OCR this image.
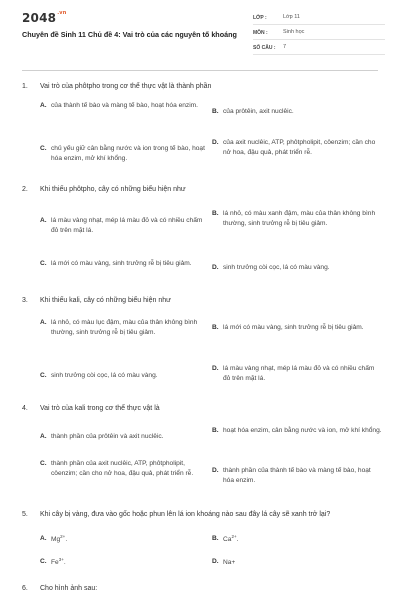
$2048^{.vn}$
Chuyên đề Sinh 11 Chủ đề 4: Vai trò của các nguyên tố khoáng
LỚP :	Lớp 11
MÔN :	Sinh học
SỐ CÂU :	7
1.	Vai trò của phôtpho trong cơ thể thực vật là thành phần
A. của thành tế bào và màng tế bào, hoạt hóa enzim.
B. của prôtêin, axit nuclêic.
C. chủ yếu giữ cân bằng nước và ion trong tế bào, hoạt hóa enzim, mở khí khổng.
D. của axit nuclêic, ATP, phôtpholipit, côenzim; cần cho nở hoa, đậu quả, phát triển rễ.
2.	Khi thiếu phôtpho, cây có những biểu hiện như
A. lá màu vàng nhạt, mép lá màu đỏ và có nhiều chấm đỏ trên mặt lá.
B. lá nhỏ, có màu xanh đậm, màu của thân không bình thường, sinh trưởng rễ bị tiêu giảm.
C. lá mới có màu vàng, sinh trưởng rễ bị tiêu giảm.
D. sinh trưởng còi cọc, lá có màu vàng.
3.	Khi thiếu kali, cây có những biểu hiện như
A. lá nhỏ, có màu lục đậm, màu của thân không bình thường, sinh trưởng rễ bị tiêu giảm.
B. lá mới có màu vàng, sinh trưởng rễ bị tiêu giảm.
C. sinh trưởng còi cọc, lá có màu vàng.
D. lá màu vàng nhạt, mép lá màu đỏ và có nhiều chấm đỏ trên mặt lá.
4.	Vai trò của kali trong cơ thể thực vật là
A. thành phần của prôtêin và axit nuclêic.
B. hoạt hóa enzim, cân bằng nước và ion, mở khí khổng.
C. thành phần của axit nuclêic, ATP, phôtpholipit, côenzim; cần cho nở hoa, đậu quả, phát triển rễ.	D. thành phần của thành tế bào và màng tế bào, hoạt hóa enzim.
5.	Khi cây bị vàng, đưa vào gốc hoặc phun lên lá ion khoáng nào sau đây lá cây sẽ xanh trở lại?
A. $Mg^{2+}$.	B. $Ca^{2+}$.
C. $Fe^{3+}$.	D. Na+
6.	Cho hình ảnh sau:
